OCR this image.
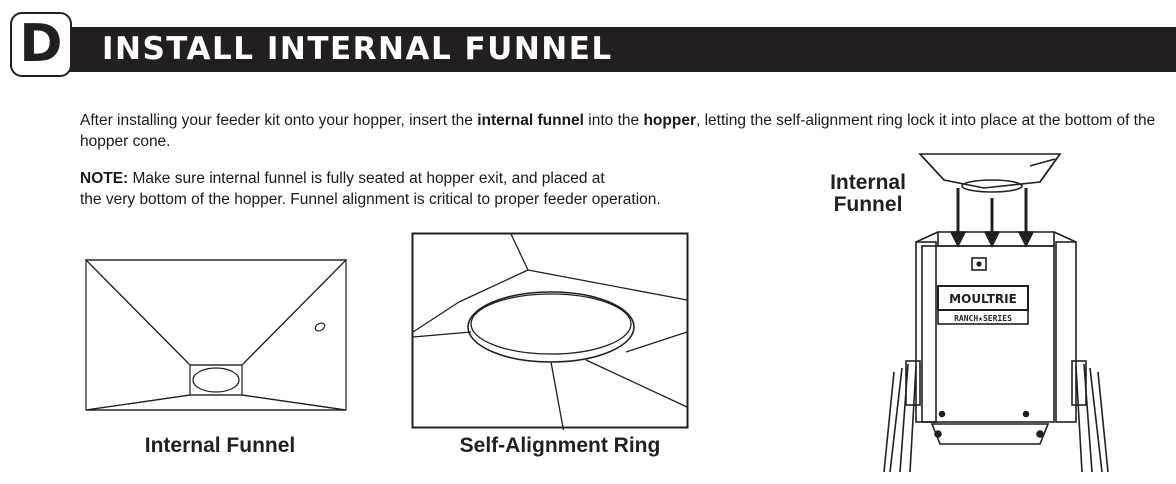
D INSTALL INTERNAL FUNNEL

After installing your feeder kit onto your hopper, insert the internal funnel into the hopper, letting the self-alignment ring lock it into place at the bottom of the hopper cone.

NOTE: Make sure internal funnel is fully seated at hopper exit, and placed at
the very bottom of the hopper. Funnel alignment is critical to proper feeder operation.

Internal Funnel	Self-Alignment Ring
Internal
Funnel
MOULTRIE
RANCH★SERIES
